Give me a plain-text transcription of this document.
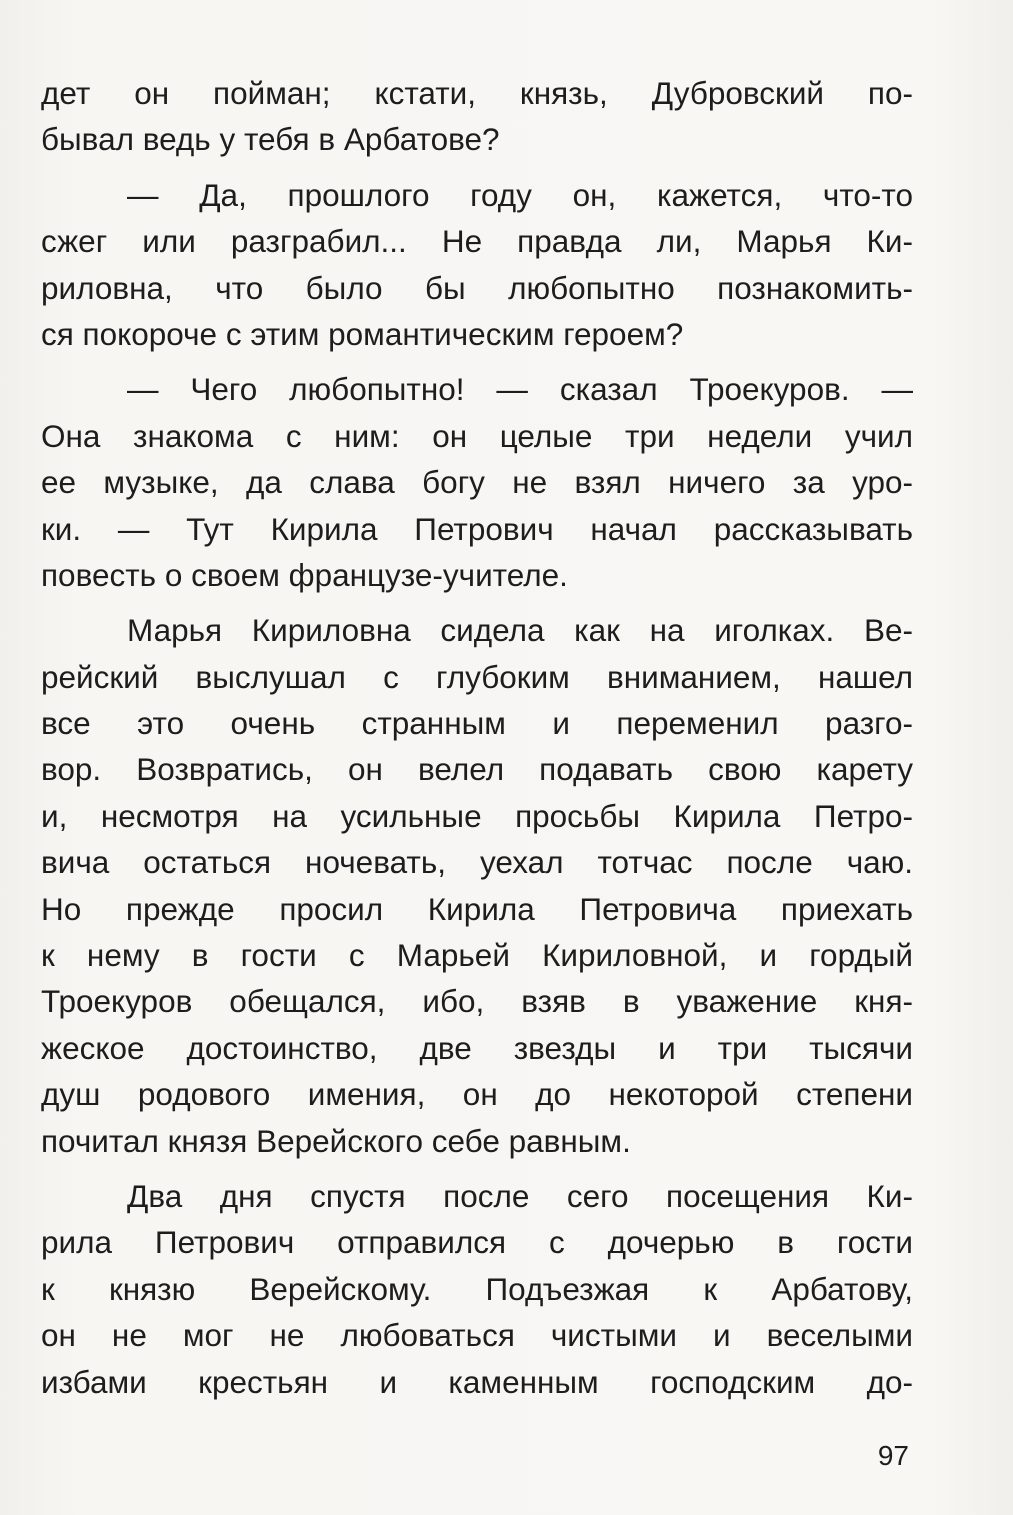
дет он пойман; кстати, князь, Дубровский по-
бывал ведь у тебя в Арбатове?
— Да, прошлого году он, кажется, что-то
сжег или разграбил... Не правда ли, Марья Ки-
риловна, что было бы любопытно познакомить-
ся покороче с этим романтическим героем?
— Чего любопытно! — сказал Троекуров. —
Она знакома с ним: он целые три недели учил
ее музыке, да слава богу не взял ничего за уро-
ки. — Тут Кирила Петрович начал рассказывать
повесть о своем французе-учителе.
Марья Кириловна сидела как на иголках. Ве-
рейский выслушал с глубоким вниманием, нашел
все это очень странным и переменил разго-
вор. Возвратись, он велел подавать свою карету
и, несмотря на усильные просьбы Кирила Петро-
вича остаться ночевать, уехал тотчас после чаю.
Но прежде просил Кирила Петровича приехать
к нему в гости с Марьей Кириловной, и гордый
Троекуров обещался, ибо, взяв в уважение кня-
жеское достоинство, две звезды и три тысячи
душ родового имения, он до некоторой степени
почитал князя Верейского себе равным.
Два дня спустя после сего посещения Ки-
рила Петрович отправился с дочерью в гости
к князю Верейскому. Подъезжая к Арбатову,
он не мог не любоваться чистыми и веселыми
избами крестьян и каменным господским до-
97
